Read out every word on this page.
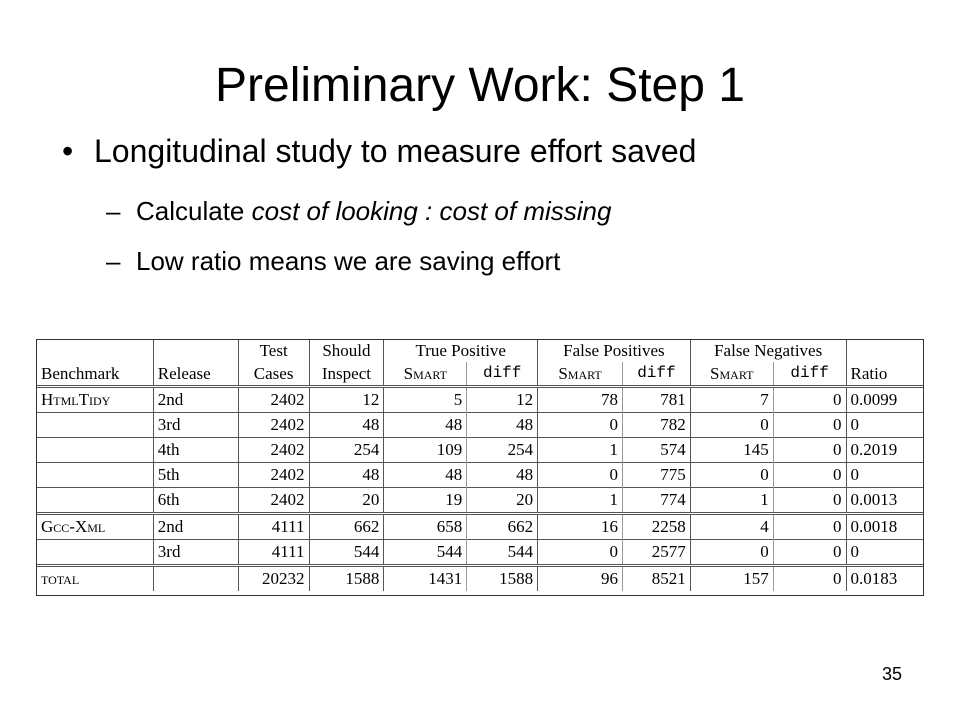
Preliminary Work: Step 1
• Longitudinal study to measure effort saved
– Calculate cost of looking : cost of missing
– Low ratio means we are saving effort
		Test	Should	True Positive		False Positives		False Negatives		
Benchmark	Release	Cases	Inspect	Smart	diff	Smart	diff	Smart	diff	Ratio
HtmlTidy	2nd	2402	12	5	12	78	781	7	0	0.0099
	3rd	2402	48	48	48	0	782	0	0	0
	4th	2402	254	109	254	1	574	145	0	0.2019
	5th	2402	48	48	48	0	775	0	0	0
	6th	2402	20	19	20	1	774	1	0	0.0013
Gcc-Xml	2nd	4111	662	658	662	16	2258	4	0	0.0018
	3rd	4111	544	544	544	0	2577	0	0	0
total		20232	1588	1431	1588	96	8521	157	0	0.0183
35
